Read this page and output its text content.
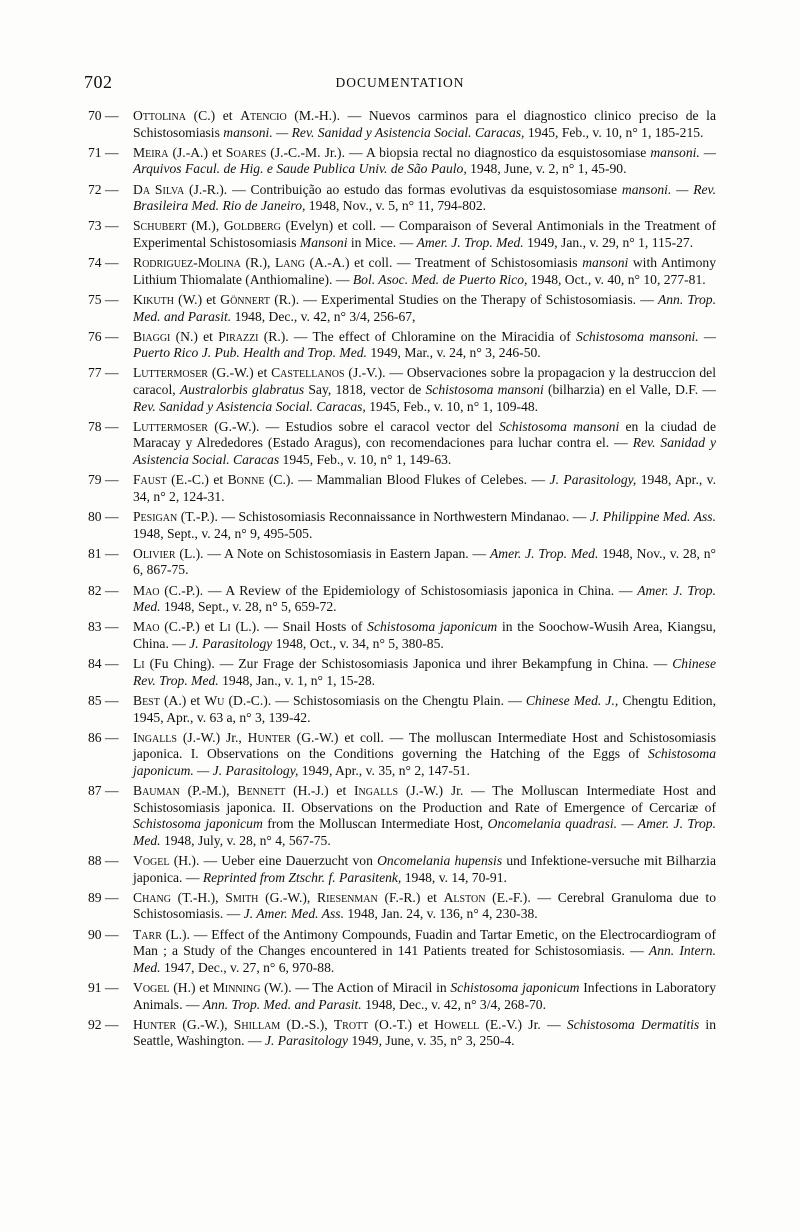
702	DOCUMENTATION
70 —	Ottolina (C.) et Atencio (M.-H.). — Nuevos carminos para el diagnostico clinico preciso de la Schistosomiasis mansoni. — Rev. Sanidad y Asistencia Social. Caracas, 1945, Feb., v. 10, n° 1, 185-215.
71 —	Meira (J.-A.) et Soares (J.-C.-M. Jr.). — A biopsia rectal no diagnostico da esquistosomiase mansoni. — Arquivos Facul. de Hig. e Saude Publica Univ. de São Paulo, 1948, June, v. 2, n° 1, 45-90.
72 —	Da Silva (J.-R.). — Contribuição ao estudo das formas evolutivas da esquistosomiase mansoni. — Rev. Brasileira Med. Rio de Janeiro, 1948, Nov., v. 5, n° 11, 794-802.
73 —	Schubert (M.), Goldberg (Evelyn) et coll. — Comparaison of Several Antimonials in the Treatment of Experimental Schistosomiasis Mansoni in Mice. — Amer. J. Trop. Med. 1949, Jan., v. 29, n° 1, 115-27.
74 —	Rodriguez-Molina (R.), Lang (A.-A.) et coll. — Treatment of Schistosomiasis mansoni with Antimony Lithium Thiomalate (Anthiomaline). — Bol. Asoc. Med. de Puerto Rico, 1948, Oct., v. 40, n° 10, 277-81.
75 —	Kikuth (W.) et Gönnert (R.). — Experimental Studies on the Therapy of Schistosomiasis. — Ann. Trop. Med. and Parasit. 1948, Dec., v. 42, n° 3/4, 256-67,
76 —	Biaggi (N.) et Pirazzi (R.). — The effect of Chloramine on the Miracidia of Schistosoma mansoni. — Puerto Rico J. Pub. Health and Trop. Med. 1949, Mar., v. 24, n° 3, 246-50.
77 —	Luttermoser (G.-W.) et Castellanos (J.-V.). — Observaciones sobre la propagacion y la destruccion del caracol, Australorbis glabratus Say, 1818, vector de Schistosoma mansoni (bilharzia) en el Valle, D.F. — Rev. Sanidad y Asistencia Social. Caracas, 1945, Feb., v. 10, n° 1, 109-48.
78 —	Luttermoser (G.-W.). — Estudios sobre el caracol vector del Schistosoma mansoni en la ciudad de Maracay y Alrededores (Estado Aragus), con recomendaciones para luchar contra el. — Rev. Sanidad y Asistencia Social. Caracas 1945, Feb., v. 10, n° 1, 149-63.
79 —	Faust (E.-C.) et Bonne (C.). — Mammalian Blood Flukes of Celebes. — J. Parasitology, 1948, Apr., v. 34, n° 2, 124-31.
80 —	Pesigan (T.-P.). — Schistosomiasis Reconnaissance in Northwestern Mindanao. — J. Philippine Med. Ass. 1948, Sept., v. 24, n° 9, 495-505.
81 —	Olivier (L.). — A Note on Schistosomiasis in Eastern Japan. — Amer. J. Trop. Med. 1948, Nov., v. 28, n° 6, 867-75.
82 —	Mao (C.-P.). — A Review of the Epidemiology of Schistosomiasis japonica in China. — Amer. J. Trop. Med. 1948, Sept., v. 28, n° 5, 659-72.
83 —	Mao (C.-P.) et Li (L.). — Snail Hosts of Schistosoma japonicum in the Soochow-Wusih Area, Kiangsu, China. — J. Parasitology 1948, Oct., v. 34, n° 5, 380-85.
84 —	Li (Fu Ching). — Zur Frage der Schistosomiasis Japonica und ihrer Bekampfung in China. — Chinese Rev. Trop. Med. 1948, Jan., v. 1, n° 1, 15-28.
85 —	Best (A.) et Wu (D.-C.). — Schistosomiasis on the Chengtu Plain. — Chinese Med. J., Chengtu Edition, 1945, Apr., v. 63 a, n° 3, 139-42.
86 —	Ingalls (J.-W.) Jr., Hunter (G.-W.) et coll. — The molluscan Intermediate Host and Schistosomiasis japonica. I. Observations on the Conditions governing the Hatching of the Eggs of Schistosoma japonicum. — J. Parasitology, 1949, Apr., v. 35, n° 2, 147-51.
87 —	Bauman (P.-M.), Bennett (H.-J.) et Ingalls (J.-W.) Jr. — The Molluscan Intermediate Host and Schistosomiasis japonica. II. Observations on the Production and Rate of Emergence of Cercariæ of Schistosoma japonicum from the Molluscan Intermediate Host, Oncomelania quadrasi. — Amer. J. Trop. Med. 1948, July, v. 28, n° 4, 567-75.
88 —	Vogel (H.). — Ueber eine Dauerzucht von Oncomelania hupensis und Infektione-versuche mit Bilharzia japonica. — Reprinted from Ztschr. f. Parasitenk, 1948, v. 14, 70-91.
89 —	Chang (T.-H.), Smith (G.-W.), Riesenman (F.-R.) et Alston (E.-F.). — Cerebral Granuloma due to Schistosomiasis. — J. Amer. Med. Ass. 1948, Jan. 24, v. 136, n° 4, 230-38.
90 —	Tarr (L.). — Effect of the Antimony Compounds, Fuadin and Tartar Emetic, on the Electrocardiogram of Man ; a Study of the Changes encountered in 141 Patients treated for Schistosomiasis. — Ann. Intern. Med. 1947, Dec., v. 27, n° 6, 970-88.
91 —	Vogel (H.) et Minning (W.). — The Action of Miracil in Schistosoma japonicum Infections in Laboratory Animals. — Ann. Trop. Med. and Parasit. 1948, Dec., v. 42, n° 3/4, 268-70.
92 —	Hunter (G.-W.), Shillam (D.-S.), Trott (O.-T.) et Howell (E.-V.) Jr. — Schistosoma Dermatitis in Seattle, Washington. — J. Parasitology 1949, June, v. 35, n° 3, 250-4.
